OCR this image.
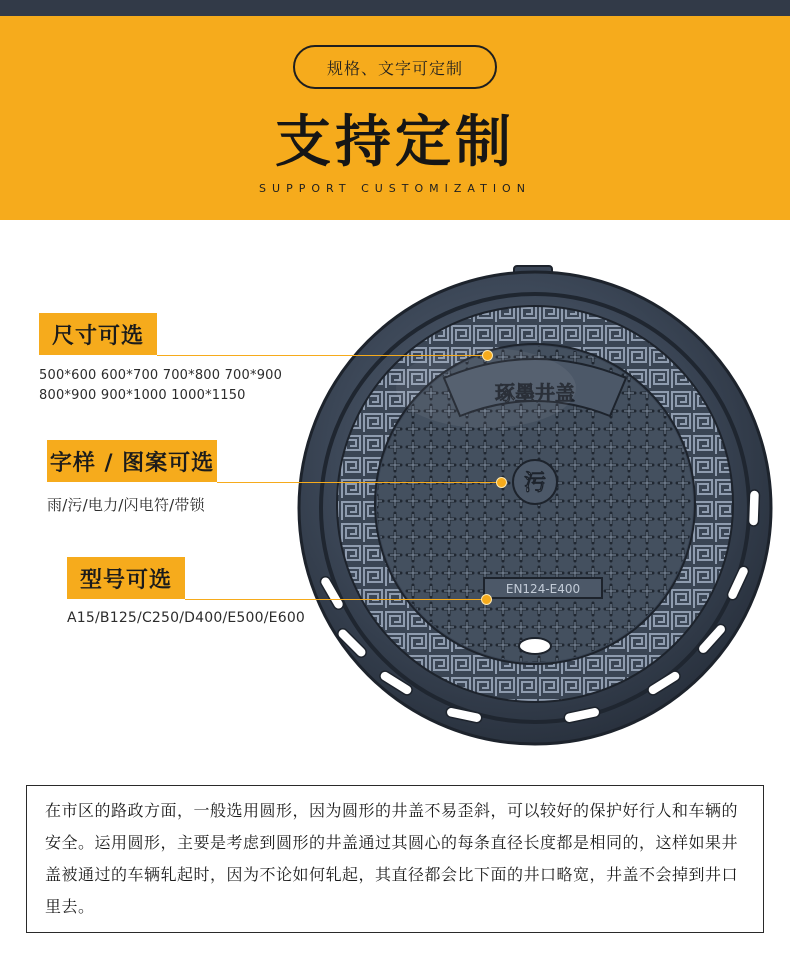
规格、文字可定制
支持定制
SUPPORT CUSTOMIZATION
琢墨井盖
污
EN124-E400
尺寸可选
500*600 600*700 700*800 700*900
800*900 900*1000 1000*1150
字样 / 图案可选
雨/污/电力/闪电符/带锁
型号可选
A15/B125/C250/D400/E500/E600
在市区的路政方面，一般选用圆形，因为圆形的井盖不易歪斜，可以较好的保护好行人和车辆的安全。运用圆形，主要是考虑到圆形的井盖通过其圆心的每条直径长度都是相同的，这样如果井盖被通过的车辆轧起时，因为不论如何轧起，其直径都会比下面的井口略宽，井盖不会掉到井口里去。
